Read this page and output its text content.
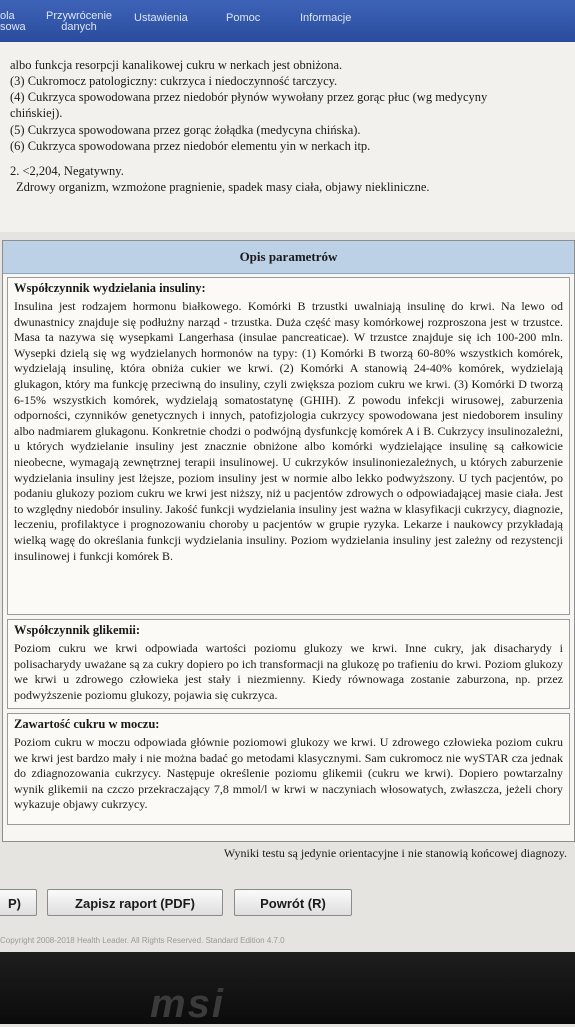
ola
sowa
Przywrócenie
danych
Ustawienia	Pomoc	Informacje
albo funkcja resorpcji kanalikowej cukru w nerkach jest obniżona.
(3) Cukromocz patologiczny: cukrzyca i niedoczynność tarczycy.
(4) Cukrzyca spowodowana przez niedobór płynów wywołany przez gorąc płuc (wg medycyny
chińskiej).
(5) Cukrzyca spowodowana przez gorąc żołądka (medycyna chińska).
(6) Cukrzyca spowodowana przez niedobór elementu yin w nerkach itp.
2. <2,204, Negatywny.
Zdrowy organizm, wzmożone pragnienie, spadek masy ciała, objawy niekliniczne.
Opis parametrów
Współczynnik wydzielania insuliny:

Insulina jest rodzajem hormonu białkowego. Komórki B trzustki uwalniają insulinę do krwi. Na lewo od dwunastnicy znajduje się podłużny narząd - trzustka. Duża część masy komórkowej rozproszona jest w trzustce. Masa ta nazywa się wysepkami Langerhasa (insulae pancreaticae). W trzustce znajduje się ich 100-200 mln. Wysepki dzielą się wg wydzielanych hormonów na typy: (1) Komórki B tworzą 60-80% wszystkich komórek, wydzielają insulinę, która obniża cukier we krwi. (2) Komórki A stanowią 24-40% komórek, wydzielają glukagon, który ma funkcję przeciwną do insuliny, czyli zwiększa poziom cukru we krwi. (3) Komórki D tworzą 6-15% wszystkich komórek, wydzielają somatostatynę (GHIH). Z powodu infekcji wirusowej, zaburzenia odporności, czynników genetycznych i innych, patofizjologia cukrzycy spowodowana jest niedoborem insuliny albo nadmiarem glukagonu. Konkretnie chodzi o podwójną dysfunkcję komórek A i B. Cukrzycy insulinozależni, u których wydzielanie insuliny jest znacznie obniżone albo komórki wydzielające insulinę są całkowicie nieobecne, wymagają zewnętrznej terapii insulinowej. U cukrzyków insulinoniezależnych, u których zaburzenie wydzielania insuliny jest lżejsze, poziom insuliny jest w normie albo lekko podwyższony. U tych pacjentów, po podaniu glukozy poziom cukru we krwi jest niższy, niż u pacjentów zdrowych o odpowiadającej masie ciała. Jest to względny niedobór insuliny. Jakość funkcji wydzielania insuliny jest ważna w klasyfikacji cukrzycy, diagnozie, leczeniu, profilaktyce i prognozowaniu choroby u pacjentów w grupie ryzyka. Lekarze i naukowcy przykładają wielką wagę do określania funkcji wydzielania insuliny. Poziom wydzielania insuliny jest zależny od rezystencji insulinowej i funkcji komórek B.

Współczynnik glikemii:

Poziom cukru we krwi odpowiada wartości poziomu glukozy we krwi. Inne cukry, jak disacharydy i polisacharydy uważane są za cukry dopiero po ich transformacji na glukozę po trafieniu do krwi. Poziom glukozy we krwi u zdrowego człowieka jest stały i niezmienny. Kiedy równowaga zostanie zaburzona, np. przez podwyższenie poziomu glukozy, pojawia się cukrzyca.

Zawartość cukru w moczu:

Poziom cukru w moczu odpowiada głównie poziomowi glukozy we krwi. U zdrowego człowieka poziom cukru we krwi jest bardzo mały i nie można badać go metodami klasycznymi. Sam cukromocz nie wySTAR cza jednak do zdiagnozowania cukrzycy. Następuje określenie poziomu glikemii (cukru we krwi). Dopiero powtarzalny wynik glikemii na czczo przekraczający 7,8 mmol/l w krwi w naczyniach włosowatych, zwłaszcza, jeżeli chory wykazuje objawy cukrzycy.

Wyniki testu są jedynie orientacyjne i nie stanowią końcowej diagnozy.
P)	Zapisz raport (PDF)	Powrót (R)
Copyright 2008-2018 Health Leader. All Rights Reserved. Standard Edition 4.7.0
msi
